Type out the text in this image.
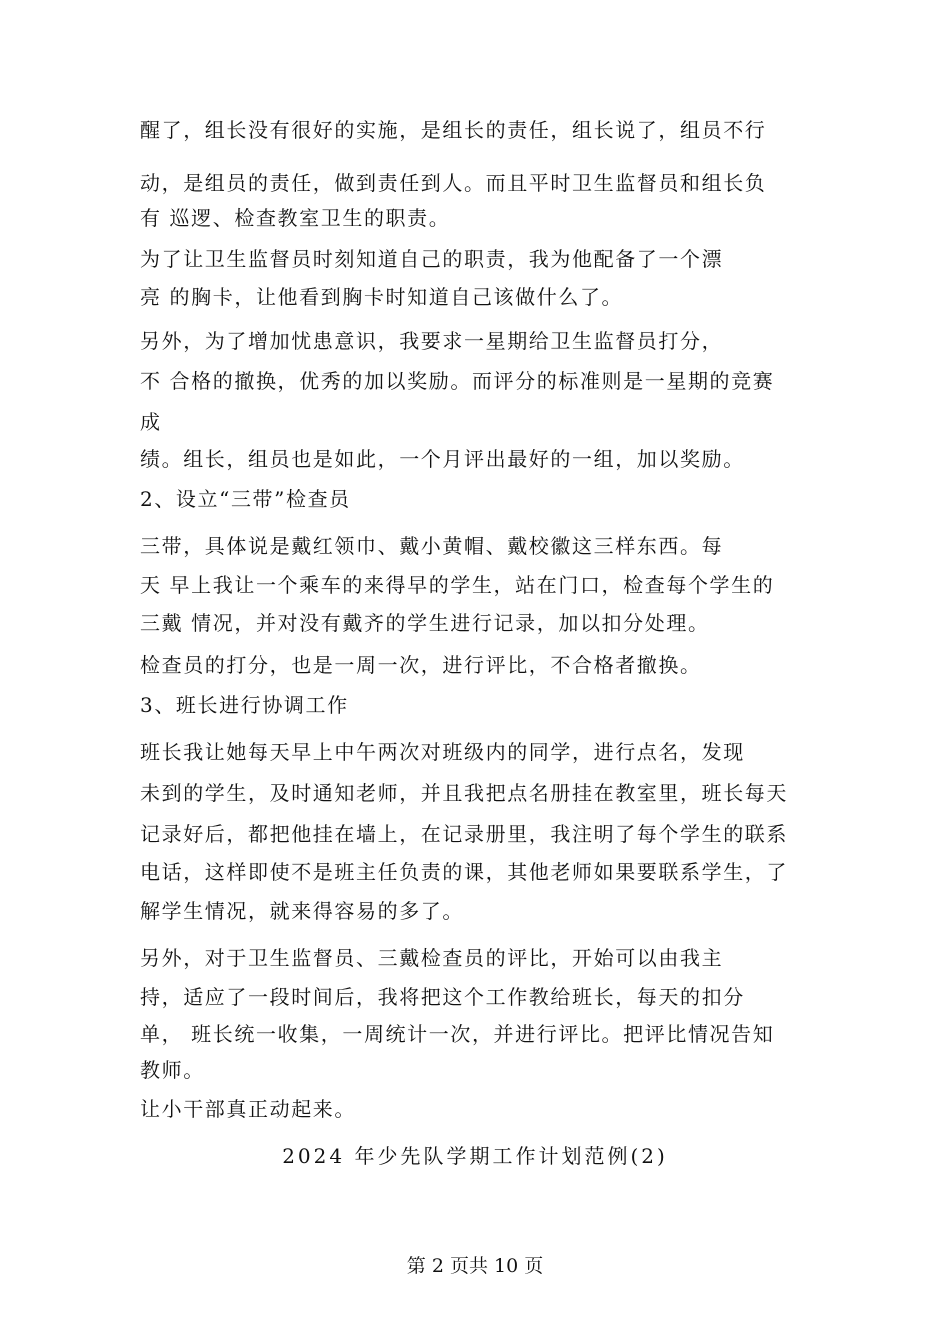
醒了，组长没有很好的实施，是组长的责任，组长说了，组员不行
动，是组员的责任，做到责任到人。而且平时卫生监督员和组长负
有 巡逻、检查教室卫生的职责。
为了让卫生监督员时刻知道自己的职责，我为他配备了一个漂
亮 的胸卡，让他看到胸卡时知道自己该做什么了。
另外，为了增加忧患意识，我要求一星期给卫生监督员打分，
不 合格的撤换，优秀的加以奖励。而评分的标准则是一星期的竞赛
成
绩。组长，组员也是如此，一个月评出最好的一组，加以奖励。
2、设立“三带”检查员
三带，具体说是戴红领巾、戴小黄帽、戴校徽这三样东西。每
天 早上我让一个乘车的来得早的学生，站在门口，检查每个学生的
三戴 情况，并对没有戴齐的学生进行记录，加以扣分处理。
检查员的打分，也是一周一次，进行评比，不合格者撤换。
3、班长进行协调工作
班长我让她每天早上中午两次对班级内的同学，进行点名，发现
未到的学生，及时通知老师，并且我把点名册挂在教室里，班长每天
记录好后，都把他挂在墙上，在记录册里，我注明了每个学生的联系
电话，这样即使不是班主任负责的课，其他老师如果要联系学生，了
解学生情况，就来得容易的多了。
另外，对于卫生监督员、三戴检查员的评比，开始可以由我主
持，适应了一段时间后，我将把这个工作教给班长，每天的扣分
单， 班长统一收集，一周统计一次，并进行评比。把评比情况告知
教师。
让小干部真正动起来。
2024 年少先队学期工作计划范例(2)
第 2 页共 10 页
